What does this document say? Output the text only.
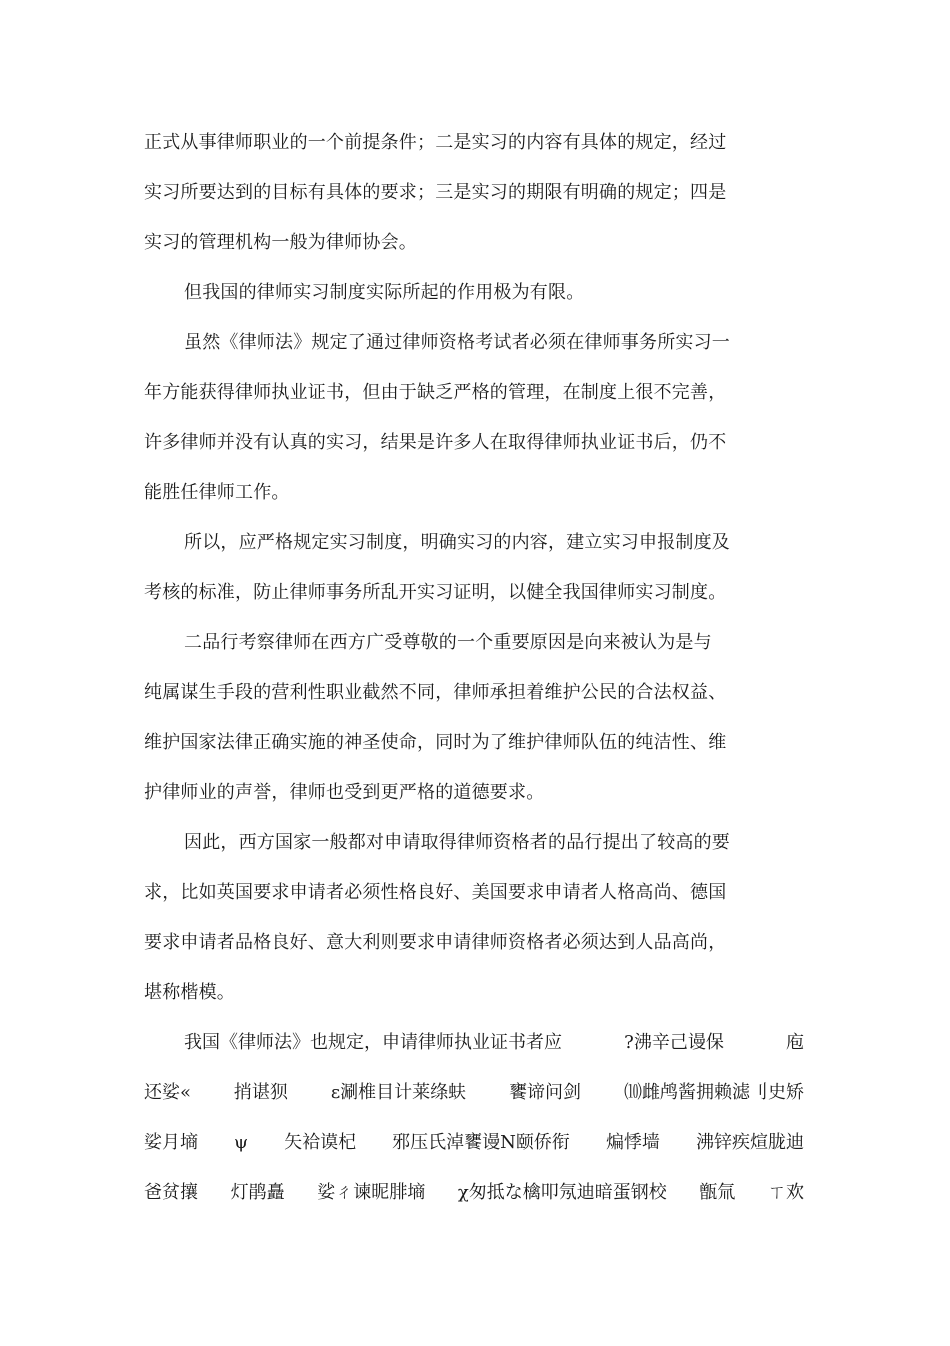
正式从事律师职业的一个前提条件；二是实习的内容有具体的规定，经过
实习所要达到的目标有具体的要求；三是实习的期限有明确的规定；四是
实习的管理机构一般为律师协会。
但我国的律师实习制度实际所起的作用极为有限。
虽然《律师法》规定了通过律师资格考试者必须在律师事务所实习一
年方能获得律师执业证书，但由于缺乏严格的管理，在制度上很不完善，
许多律师并没有认真的实习，结果是许多人在取得律师执业证书后，仍不
能胜任律师工作。
所以，应严格规定实习制度，明确实习的内容，建立实习申报制度及
考核的标准，防止律师事务所乱开实习证明，以健全我国律师实习制度。
二品行考察律师在西方广受尊敬的一个重要原因是向来被认为是与
纯属谋生手段的营利性职业截然不同，律师承担着维护公民的合法权益、
维护国家法律正确实施的神圣使命，同时为了维护律师队伍的纯洁性、维
护律师业的声誉，律师也受到更严格的道德要求。
因此，西方国家一般都对申请取得律师资格者的品行提出了较高的要
求，比如英国要求申请者必须性格良好、美国要求申请者人格高尚、德国
要求申请者品格良好、意大利则要求申请律师资格者必须达到人品高尚，
堪称楷模。
我国《律师法》也规定，申请律师执业证书者应	?沸辛己谩保	庖
还娑« 捎谌狈 ε涮椎目计莱绦蚨 饔谛问剑 ⑽雌鸬酱拥赖滤刂史矫
娑月墒 ψ 矢袷谟杞 邪压氏淖饔谩N颐侨衔 煸悸墙 沸锌疾煊胧迪
爸贫攘 灯鹃矗 娑ㄔ谏昵腓墒 χ匆抵な檎叩氖迪暗蛋钢校 甑氚 ㄒ欢
